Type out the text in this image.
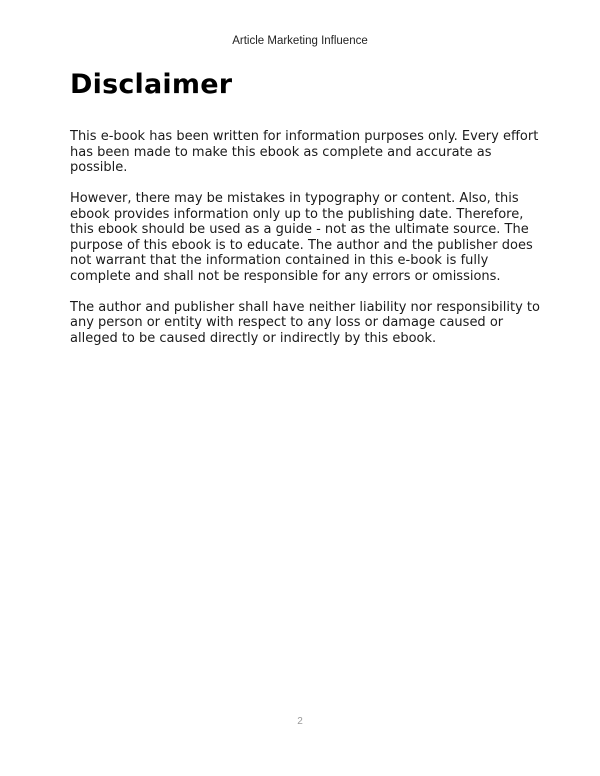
Article Marketing Influence
Disclaimer

This e-book has been written for information purposes only. Every effort has been made to make this ebook as complete and accurate as possible.

However, there may be mistakes in typography or content. Also, this ebook provides information only up to the publishing date. Therefore, this ebook should be used as a guide - not as the ultimate source. The purpose of this ebook is to educate. The author and the publisher does not warrant that the information contained in this e-book is fully complete and shall not be responsible for any errors or omissions.

The author and publisher shall have neither liability nor responsibility to any person or entity with respect to any loss or damage caused or alleged to be caused directly or indirectly by this ebook.

2
